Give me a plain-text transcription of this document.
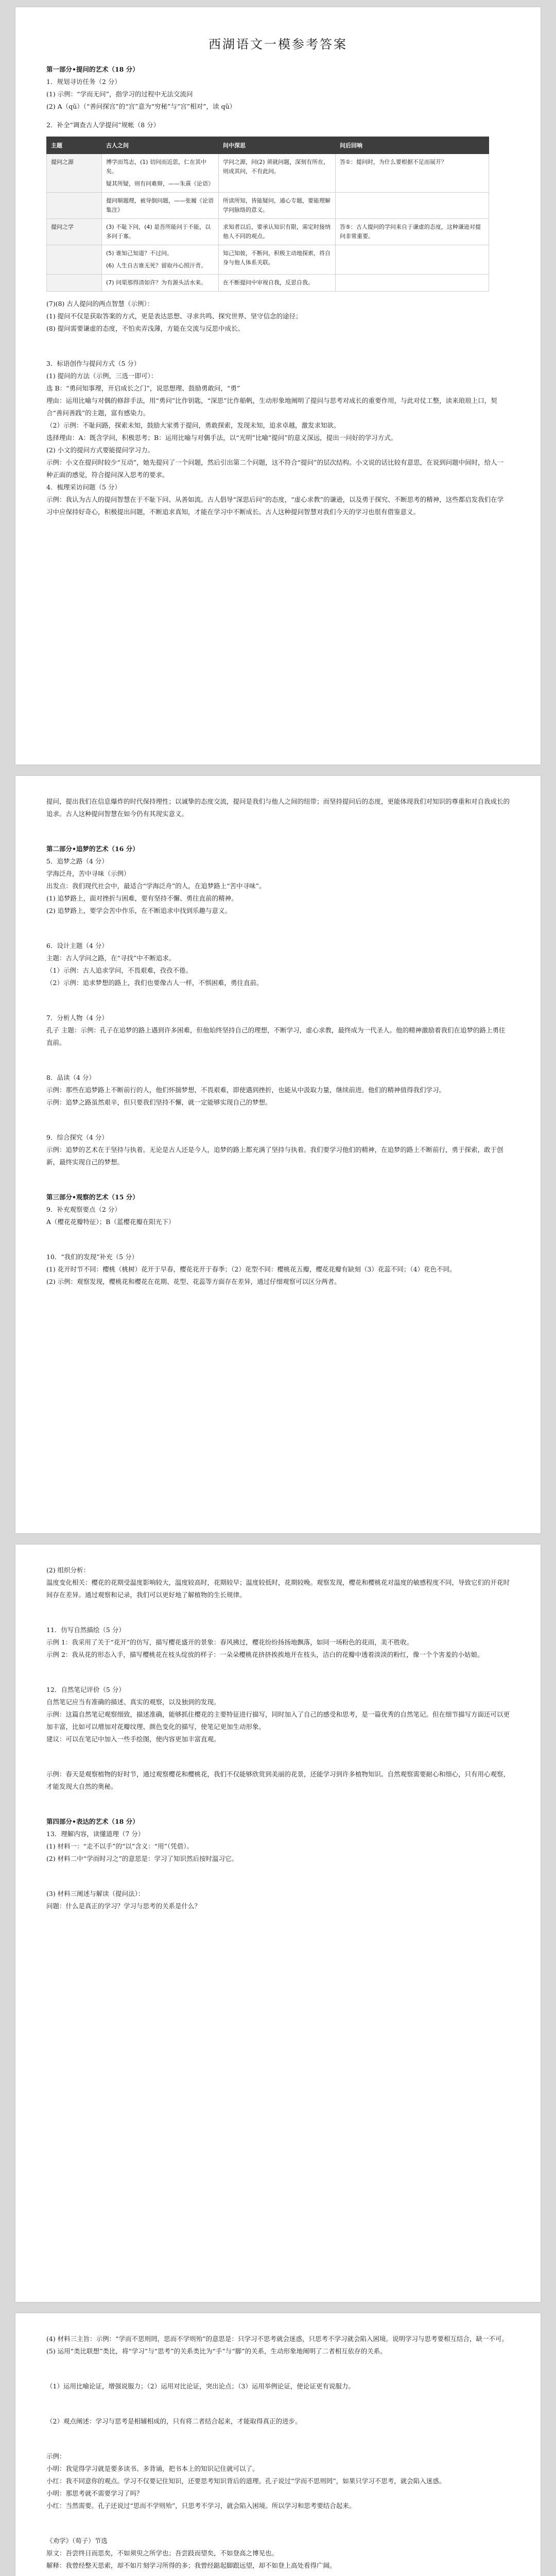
西湖语文一模参考答案

第一部分•提问的艺术（18 分）

1．规划寻访任务（2 分）

(1) 示例：“学而无问”，指学习的过程中无法交流问

(2) A（qǔ）（“善问探宫”的“宫”意为“穷秘”与“宫”相对”，读 qǔ）

2．补全“调查古人学提问”规帐（8 分）

主题	古人之问	问中深思	问后回响

提问之源	博学而笃志，(1) 切问而近思，仁在其中矣。
疑其所疑，则有问难辩，——朱熹《论语》	学问之源，问(2) 须就问题，深刻有所在，则成其问，不有此问。	答①：提问时，为什么要根据不足而展开？

	提问顺题理，被导倒问题，——张履《论语集注》	所读所知，皆能疑问，通心专题，要能理解学问脉络的意义。	

提问之学	(3) 不耻下问，(4) 是吾所能问于不能，以多问于寡。	求知者以后，要承认知识有限，需定时接纳他人不同的观点。	答⑤：古人提问的学问来自于谦虚的态度，这种谦逊对提问非常重要。

	(5) 谁知己知道？不过问。
(6) 人生自古谁无死？留取丹心照汗青。	知己知彼，不断问，积极主动地探索，将自身与他人体系关联。	

	(7) 问渠那得清如许？为有源头活水来。	在不断提问中审视自我，反思自我。	

(7)(8) 古人提问的两点智慧（示例）：

(1) 提问不仅是获取答案的方式，更是表达思想、寻求共鸣、探究世界、坚守信念的途径；

(8) 提问需要谦虚的态度，不怕卖弄浅薄，方能在交流与反思中成长。

3．标语创作与提问方式（5 分）

(1) 提问的方法（示例，三选一即可）：

选 B：“勇问知事理，开启成长之门”，说思想理、鼓励勇敢问，“勇”

理由：运用比喻与对偶的修辞手法，用“勇问”比作钥匙，“深思”比作船帆，生动形象地阐明了提问与思考对成长的重要作用，与此对仗工整，读来琅琅上口，契合“善问善践”的主题，富有感染力。

（2）示例：不耻问路，探索未知，鼓励大家勇于提问，勇敢探索，发现未知，追求卓越，激发求知欲。

选择理由：A：既含学问，积极思考；B：运用比喻与对偶手法，以“光明”比喻“提问”的意义深远，提出一问好的学习方式。

(2) 小文的提问方式要能提问学习力。

示例：小文在提问时较少“互动”，她先提问了一个问题，然后引出第二个问题，这不符合“提问”的层次结构。小文说的话比较有意思，在说到问题中间时，给人一种正面的感觉，符合提问深入思考的要求。

4．梳理采访问题（5 分）

示例：我认为古人的提问智慧在于不耻下问、从善如流。古人倡导“深思后问”的态度，“虚心求教”的谦逊，以及勇于探究、不断思考的精神，这些都启发我们在学习中应保持好奇心，积极提出问题，不断追求真知，才能在学习中不断成长。古人这种提问智慧对我们今天的学习也很有借鉴意义。

提问，提出我们在信息爆炸的时代保持理性；以诚挚的态度交流，提问是我们与他人之间的纽带；而坚持提问后的态度，更能体现我们对知识的尊重和对自我成长的追求。古人这种提问智慧在如今仍有其现实意义。

第二部分•追梦的艺术（16 分）

5．追梦之路（4 分）

学海泛舟，苦中寻味（示例）

出发点：我们现代社会中，最适合“学海泛舟”的人，在追梦路上“苦中寻味”。

(1) 追梦路上，面对挫折与困难，要有坚持不懈、勇往直前的精神。

(2) 追梦路上，要学会苦中作乐，在不断追求中找到乐趣与意义。

6．设计主题（4 分）

主题：古人学问之路，在“寻找”中不断追求。

（1）示例：古人追求学问，不畏艰难，孜孜不倦。

（2）示例：追求梦想的路上，我们也要像古人一样，不惧困难，勇往直前。

7．分析人物（4 分）

孔子 主题：示例：孔子在追梦的路上遇到许多困难，但他始终坚持自己的理想，不断学习，虚心求教，最终成为一代圣人。他的精神激励着我们在追梦的路上勇往直前。

8．品读（4 分）

示例：那些在追梦路上不断前行的人，他们怀揣梦想，不畏艰难，即使遇到挫折，也能从中汲取力量，继续前进。他们的精神值得我们学习。

示例：追梦之路虽然艰辛，但只要我们坚持不懈，就一定能够实现自己的梦想。

9．综合探究（4 分）

示例：追梦的艺术在于坚持与执着。无论是古人还是今人，追梦的路上都充满了坚持与执着。我们要学习他们的精神，在追梦的路上不断前行，勇于探索，敢于创新，最终实现自己的梦想。

第三部分•观察的艺术（15 分）

9．补充观察要点（2 分）

A（樱花花瓣特征）；B（蓝樱花瓣在阳光下）

10．“我们的发现”补充（5 分）

(1) 花开时节不同：樱桃（桃树）花开于早春，樱花花开于春季；（2）花型不同：樱桃花五瓣，樱花花瓣有缺刻（3）花蕊不同；（4）花色不同。

(2) 示例：观察发现，樱桃花和樱花在花期、花型、花蕊等方面存在差异，通过仔细观察可以区分两者。

(2) 组织分析：

温度变化相关：樱花的花期受温度影响较大，温度较高时，花期较早；温度较低时，花期较晚。观察发现，樱花和樱桃花对温度的敏感程度不同，导致它们的开花时间存在差异。通过观察和记录，我们可以更好地了解植物的生长规律。

11．仿写自然描绘（5 分）

示例 1：我采用了关于“花开”的仿写，描写樱花盛开的景象：春风拂过，樱花纷纷扬扬地飘落，如同一场粉色的花雨，美不胜收。

示例 2：我从花的形态入手，描写樱桃花在枝头绽放的样子：一朵朵樱桃花挤挤挨挨地开在枝头，洁白的花瓣中透着淡淡的粉红，像一个个害羞的小姑娘。

12．自然笔记评价（5 分）

自然笔记应当有准确的描述、真实的观察，以及独到的发现。

示例：这篇自然笔记观察细致，描述准确，能够抓住樱花的主要特征进行描写，同时加入了自己的感受和思考，是一篇优秀的自然笔记。但在细节描写方面还可以更加丰富，比如可以增加对花瓣纹理、颜色变化的描写，使笔记更加生动形象。

建议：可以在笔记中加入一些手绘图，使内容更加丰富直观。

示例：春天是观察植物的好时节，通过观察樱花和樱桃花，我们不仅能够欣赏到美丽的花景，还能学习到许多植物知识。自然观察需要耐心和细心，只有用心观察，才能发现大自然的奥秘。

第四部分•表达的艺术（18 分）

13．理解内容，读懂道理（7 分）

(1) 材料一：“走不以手”的“以”含义：“用”（凭借）。

(2) 材料二中“学而时习之”的意思是：学习了知识然后按时温习它。

(3) 材料三阐述与解读（提问法）：

问题：什么是真正的学习？学习与思考的关系是什么？

(4) 材料三主旨：示例：“学而不思则罔，思而不学则殆”的意思是：只学习不思考就会迷惑，只思考不学习就会陷入困境。说明学习与思考要相互结合，缺一不可。

(5) 运用“类比联想”类比，将“学习”与“思考”的关系类比为“手”与“脚”的关系，生动形象地阐明了二者相互依存的关系。

（1）运用比喻论证，增强说服力；（2）运用对比论证，突出论点；（3）运用举例论证，使论证更有说服力。

（2）观点阐述：学习与思考是相辅相成的，只有将二者结合起来，才能取得真正的进步。

示例：

小明：我觉得学习就是要多读书、多背诵，把书本上的知识记住就可以了。

小红：我不同意你的观点。学习不仅要记住知识，还要思考知识背后的道理。孔子说过“学而不思则罔”，如果只学习不思考，就会陷入迷惑。

小明：那思考就不需要学习了吗？

小红：当然需要。孔子还说过“思而不学则殆”，只思考不学习，就会陷入困境。所以学习和思考要结合起来。

《劝学》（荀子）节选

原文：吾尝终日而思矣，不如须臾之所学也；吾尝跂而望矣，不如登高之博见也。

解释：我曾经整天思索，却不如片刻学习所得的多；我曾经踮起脚跟远望，却不如登上高处看得广阔。
